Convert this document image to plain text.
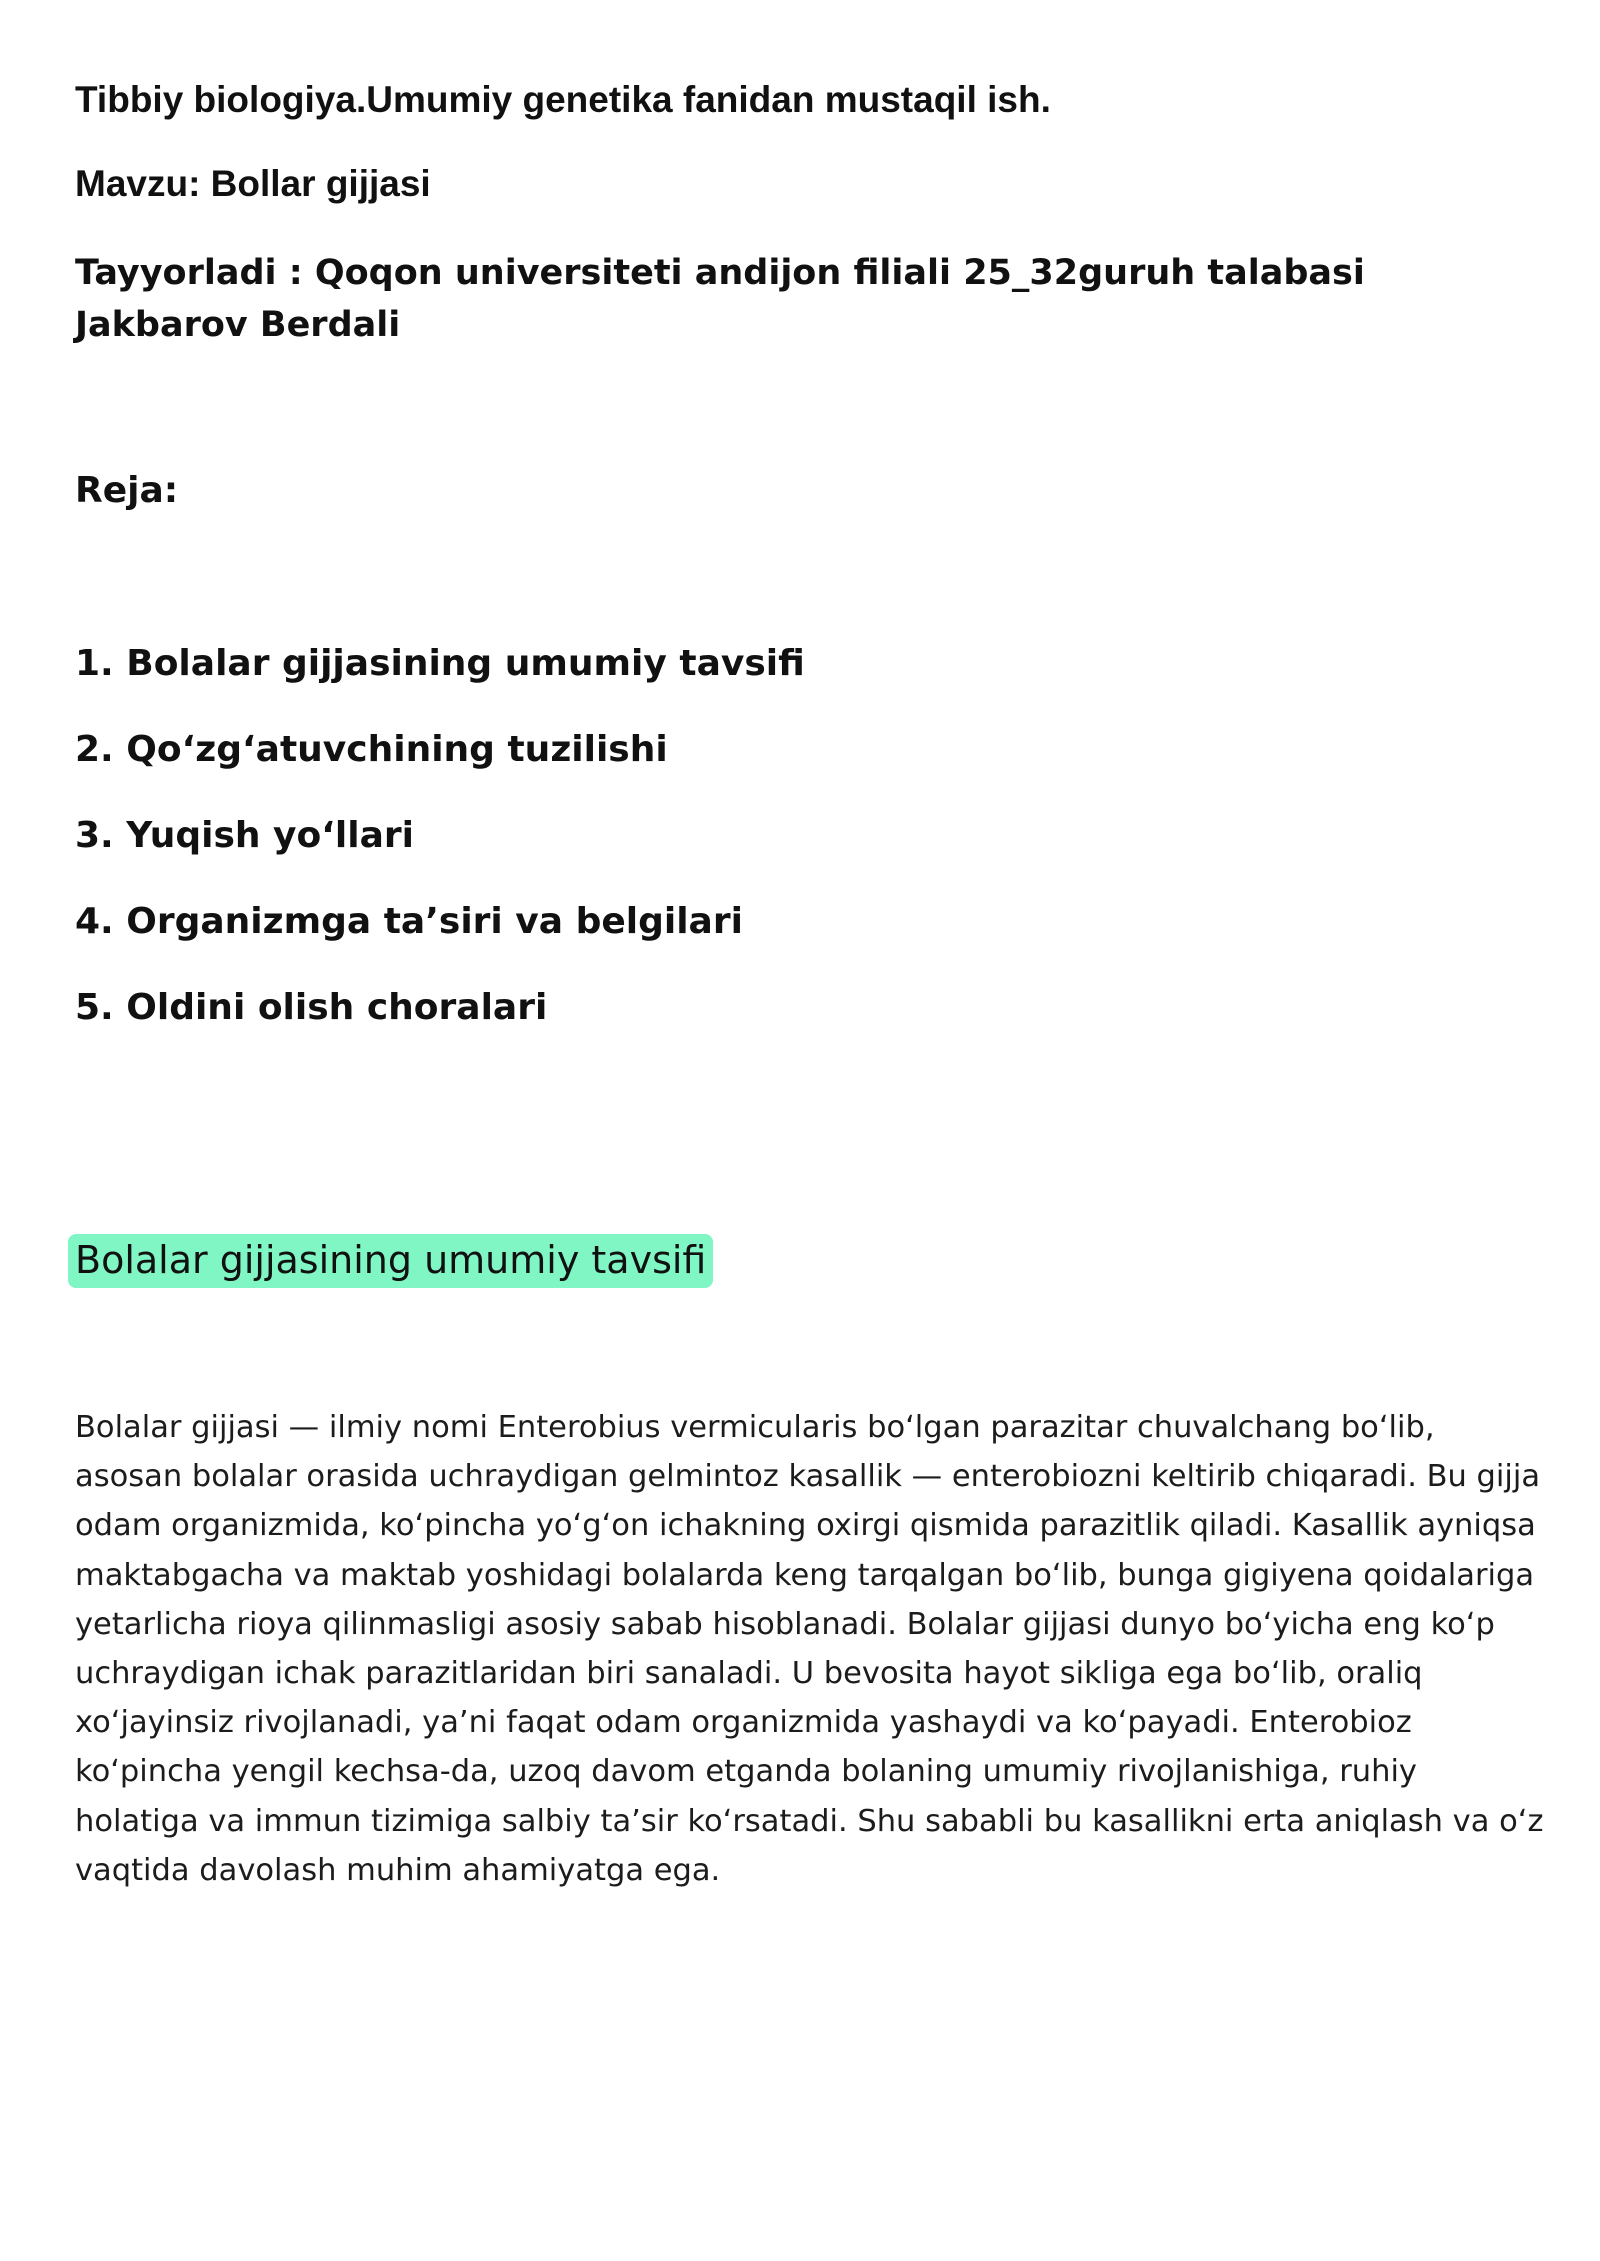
Tibbiy biologiya.Umumiy genetika fanidan mustaqil ish.
Mavzu: Bollar gijjasi
Tayyorladi : Qoqon universiteti andijon filiali 25_32guruh talabasi Jakbarov Berdali
Reja:
1. Bolalar gijjasining umumiy tavsifi
2. Qoʻzgʻatuvchining tuzilishi
3. Yuqish yoʻllari
4. Organizmga taʼsiri va belgilari
5. Oldini olish choralari
Bolalar gijjasining umumiy tavsifi

Bolalar gijjasi — ilmiy nomi Enterobius vermicularis boʻlgan parazitar chuvalchang boʻlib, asosan bolalar orasida uchraydigan gelmintoz kasallik — enterobiozni keltirib chiqaradi. Bu gijja odam organizmida, koʻpincha yoʻgʻon ichakning oxirgi qismida parazitlik qiladi. Kasallik ayniqsa maktabgacha va maktab yoshidagi bolalarda keng tarqalgan boʻlib, bunga gigiyena qoidalariga yetarlicha rioya qilinmasligi asosiy sabab hisoblanadi. Bolalar gijjasi dunyo boʻyicha eng koʻp uchraydigan ichak parazitlaridan biri sanaladi. U bevosita hayot sikliga ega boʻlib, oraliq xoʻjayinsiz rivojlanadi, yaʼni faqat odam organizmida yashaydi va koʻpayadi. Enterobioz koʻpincha yengil kechsa-da, uzoq davom etganda bolaning umumiy rivojlanishiga, ruhiy holatiga va immun tizimiga salbiy taʼsir koʻrsatadi. Shu sababli bu kasallikni erta aniqlash va oʻz vaqtida davolash muhim ahamiyatga ega.
